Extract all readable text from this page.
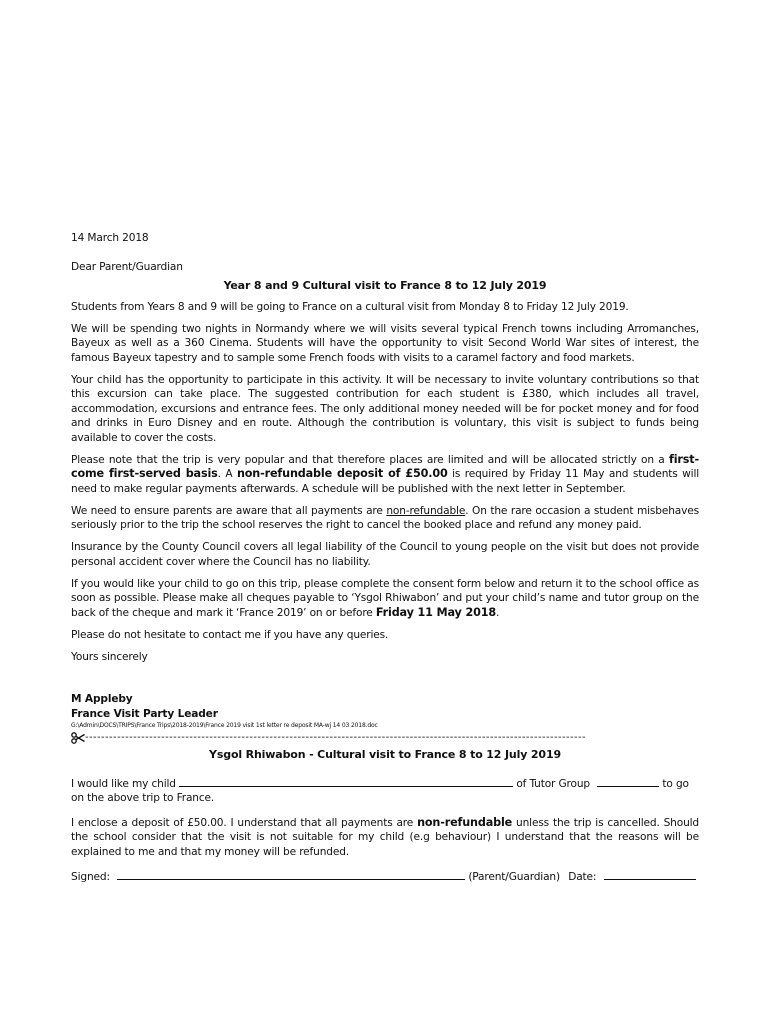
14 March 2018

Dear Parent/Guardian

Year 8 and 9 Cultural visit to France 8 to 12 July 2019

Students from Years 8 and 9 will be going to France on a cultural visit from Monday 8 to Friday 12 July 2019.

We will be spending two nights in Normandy where we will visits several typical French towns including Arromanches, Bayeux as well as a 360 Cinema. Students will have the opportunity to visit Second World War sites of interest, the famous Bayeux tapestry and to sample some French foods with visits to a caramel factory and food markets.

Your child has the opportunity to participate in this activity. It will be necessary to invite voluntary contributions so that this excursion can take place. The suggested contribution for each student is £380, which includes all travel, accommodation, excursions and entrance fees. The only additional money needed will be for pocket money and for food and drinks in Euro Disney and en route. Although the contribution is voluntary, this visit is subject to funds being available to cover the costs.

Please note that the trip is very popular and that therefore places are limited and will be allocated strictly on a first-come first-served basis. A non-refundable deposit of £50.00 is required by Friday 11 May and students will need to make regular payments afterwards. A schedule will be published with the next letter in September.

We need to ensure parents are aware that all payments are non-refundable. On the rare occasion a student misbehaves seriously prior to the trip the school reserves the right to cancel the booked place and refund any money paid.

Insurance by the County Council covers all legal liability of the Council to young people on the visit but does not provide personal accident cover where the Council has no liability.

If you would like your child to go on this trip, please complete the consent form below and return it to the school office as soon as possible. Please make all cheques payable to ‘Ysgol Rhiwabon’ and put your child’s name and tutor group on the back of the cheque and mark it ‘France 2019’ on or before Friday 11 May 2018.

Please do not hesitate to contact me if you have any queries.

Yours sincerely

M Appleby

France Visit Party Leader

G:\Admin\DOCS\TRIPS\France Trips\2018-2019\France 2019 visit 1st letter re deposit MA-wj 14 03 2018.doc

-----------------------------------------------------------------------------------------------------------------------------

Ysgol Rhiwabon - Cultural visit to France 8 to 12 July 2019

I would like my child	of Tutor Group	to go

on the above trip to France.

I enclose a deposit of £50.00. I understand that all payments are non-refundable unless the trip is cancelled. Should the school consider that the visit is not suitable for my child (e.g behaviour) I understand that the reasons will be explained to me and that my money will be refunded.

Signed:	(Parent/Guardian) Date:
